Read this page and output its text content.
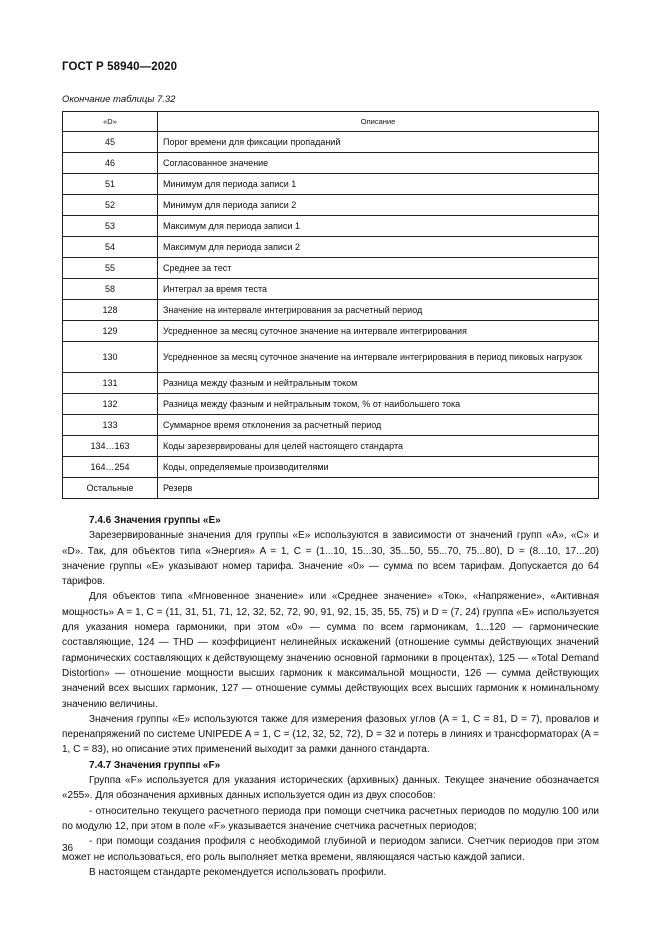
ГОСТ Р 58940—2020
Окончание таблицы 7.32
«D»	Описание
45	Порог времени для фиксации пропаданий
46	Согласованное значение
51	Минимум для периода записи 1
52	Минимум для периода записи 2
53	Максимум для периода записи 1
54	Максимум для периода записи 2
55	Среднее за тест
58	Интеграл за время теста
128	Значение на интервале интегрирования за расчетный период
129	Усредненное за месяц суточное значение на интервале интегрирования
130	Усредненное за месяц суточное значение на интервале интегрирования в период пиковых нагрузок
131	Разница между фазным и нейтральным током
132	Разница между фазным и нейтральным током, % от наибольшего тока
133	Суммарное время отклонения за расчетный период
134…163	Коды зарезервированы для целей настоящего стандарта
164…254	Коды, определяемые производителями
Остальные	Резерв
7.4.6 Значения группы «E»

Зарезервированные значения для группы «E» используются в зависимости от значений групп «A», «C» и «D». Так, для объектов типа «Энергия» A = 1, C = (1...10, 15...30, 35...50, 55...70, 75...80), D = (8...10, 17...20) значение группы «E» указывают номер тарифа. Значение «0» — сумма по всем тарифам. Допускается до 64 тарифов.

Для объектов типа «Мгновенное значение» или «Среднее значение» «Ток», «Напряжение», «Активная мощность» A = 1, C = (11, 31, 51, 71, 12, 32, 52, 72, 90, 91, 92, 15, 35, 55, 75) и D = (7, 24) группа «E» используется для указания номера гармоники, при этом «0» — сумма по всем гармоникам, 1...120 — гармонические составляющие, 124 — THD — коэффициент нелинейных искажений (отношение суммы действующих значений гармонических составляющих к действующему значению основной гармоники в процентах), 125 — «Total Demand Distortion» — отношение мощности высших гармоник к максимальной мощности, 126 — сумма действующих значений всех высших гармоник, 127 — отношение суммы действующих всех высших гармоник к номинальному значению величины.

Значения группы «E» используются также для измерения фазовых углов (A = 1, C = 81, D = 7), провалов и перенапряжений по системе UNIPEDE A = 1, C = (12, 32, 52, 72), D = 32 и потерь в линиях и трансформаторах (A = 1, C = 83), но описание этих применений выходит за рамки данного стандарта.

7.4.7 Значения группы «F»

Группа «F» используется для указания исторических (архивных) данных. Текущее значение обозначается «255». Для обозначения архивных данных используется один из двух способов:

- относительно текущего расчетного периода при помощи счетчика расчетных периодов по модулю 100 или по модулю 12, при этом в поле «F» указывается значение счетчика расчетных периодов;

- при помощи создания профиля с необходимой глубиной и периодом записи. Счетчик периодов при этом может не использоваться, его роль выполняет метка времени, являющаяся частью каждой записи.

В настоящем стандарте рекомендуется использовать профили.

36
